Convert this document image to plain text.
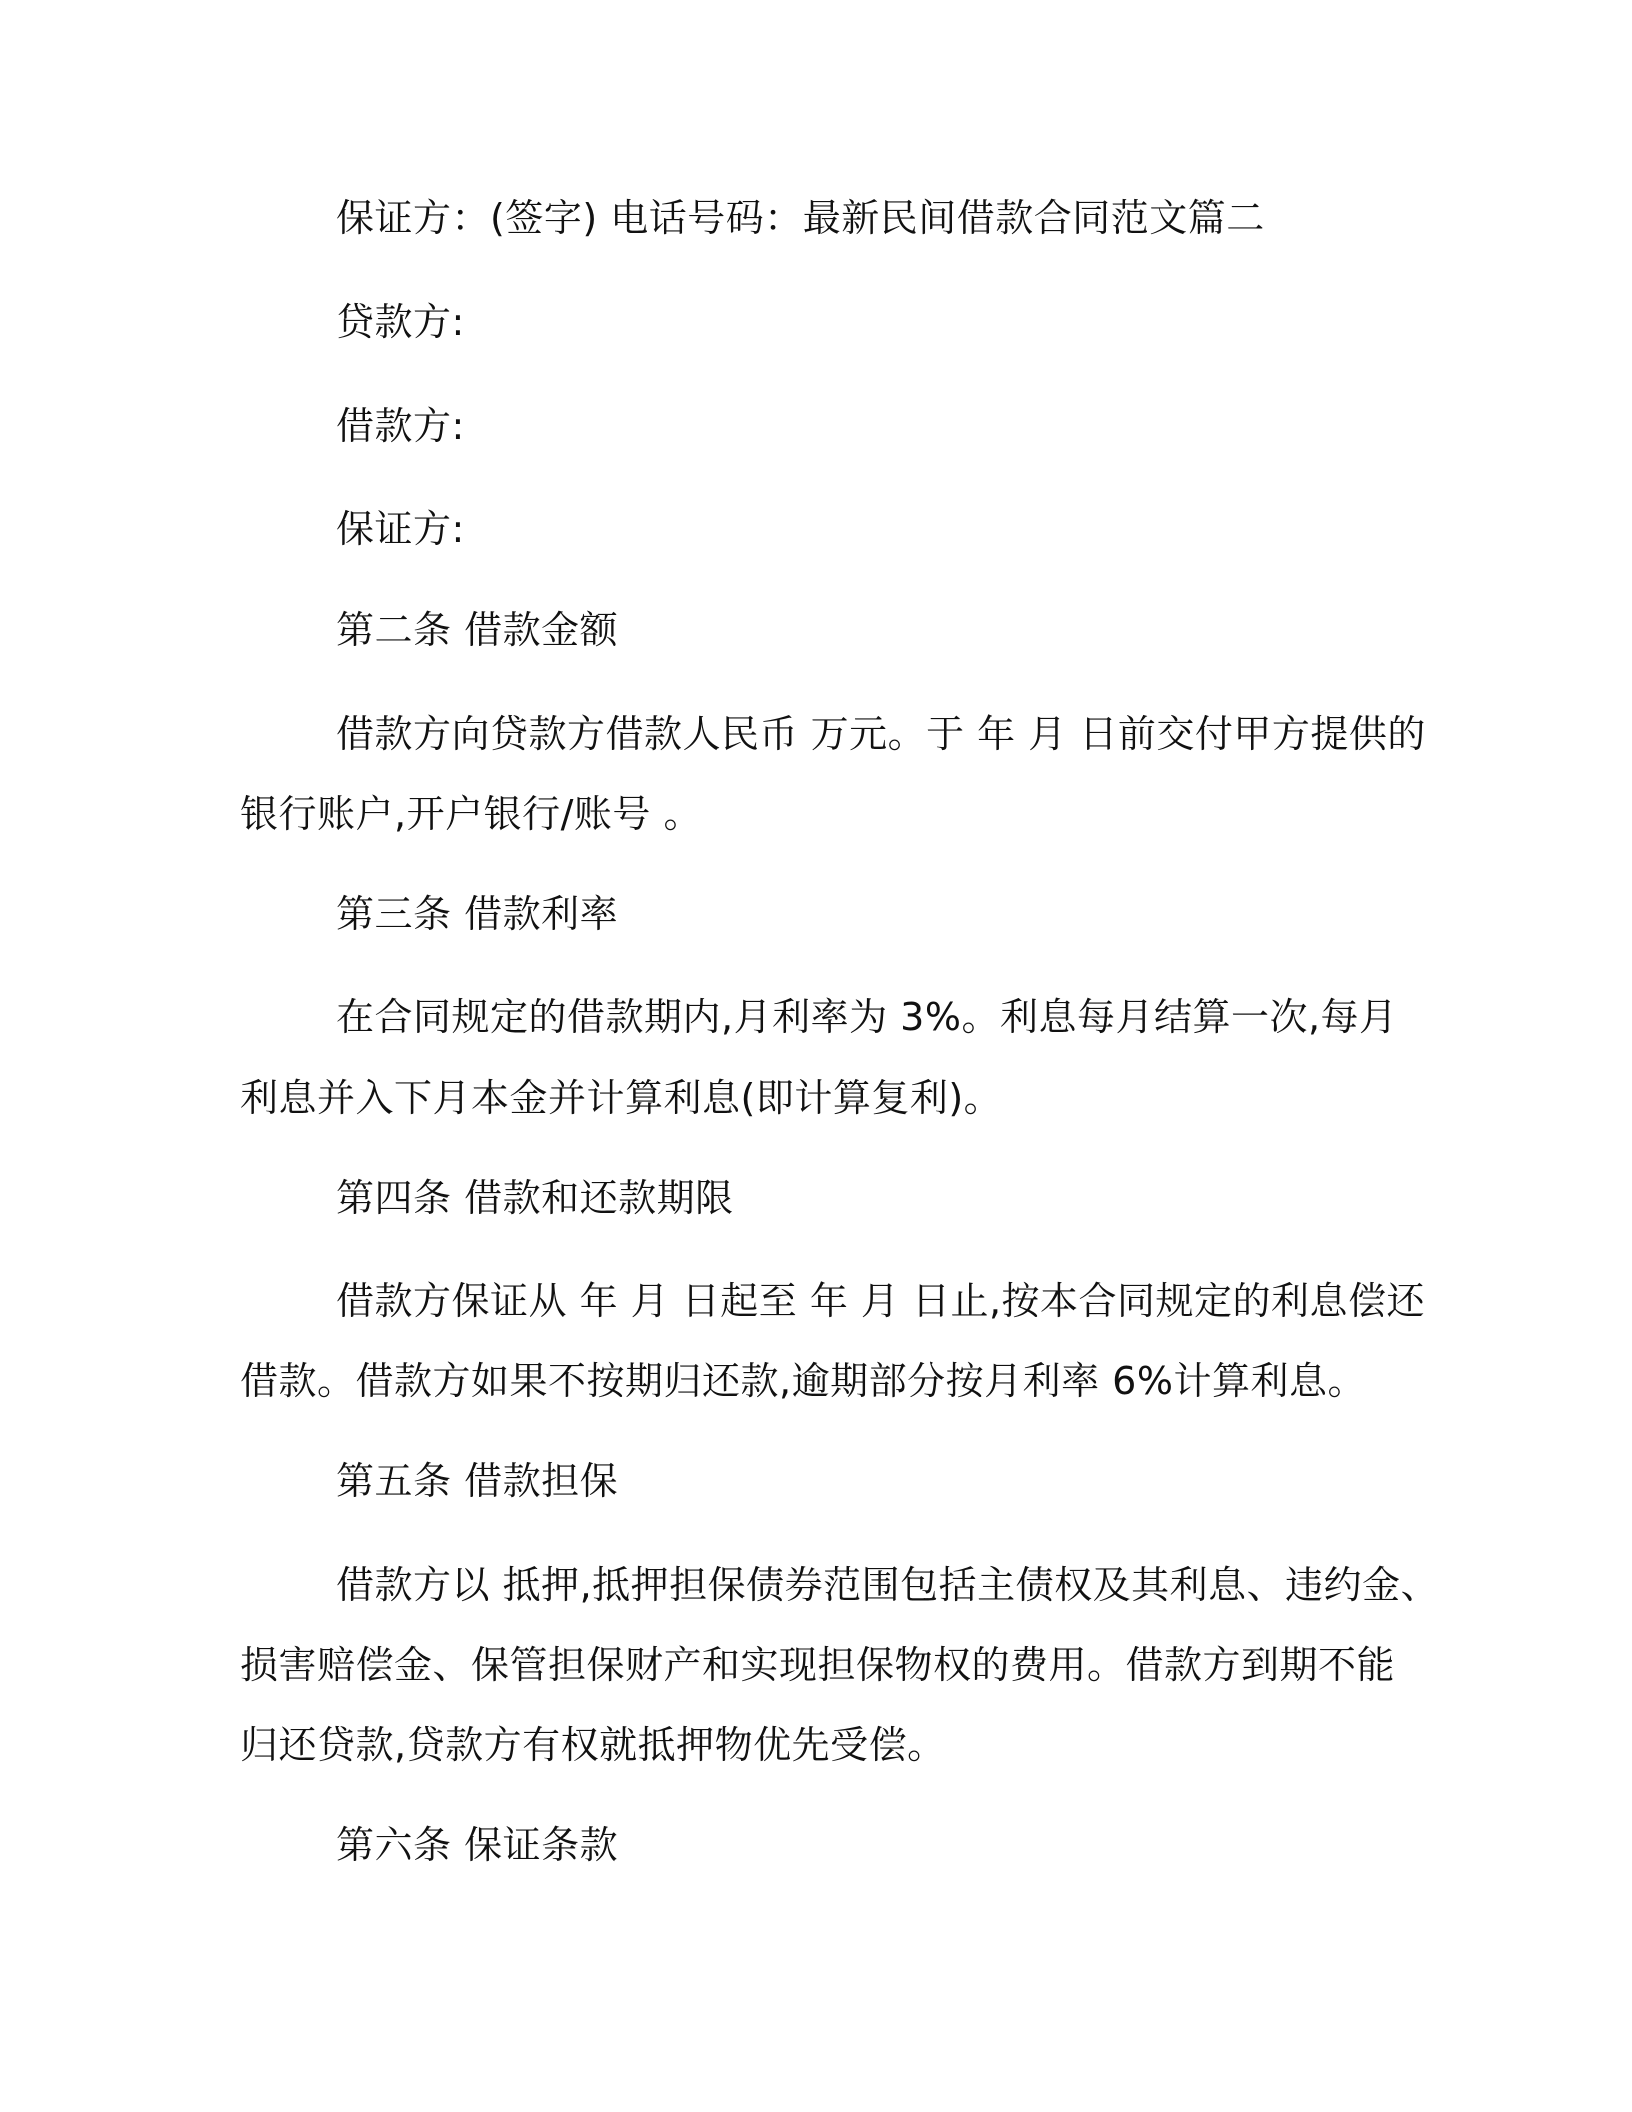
保证方：(签字) 电话号码：最新民间借款合同范文篇二
贷款方:
借款方:
保证方:
第二条 借款金额
借款方向贷款方借款人民币 万元。于 年 月 日前交付甲方提供的
银行账户,开户银行/账号 。
第三条 借款利率
在合同规定的借款期内,月利率为 3%。利息每月结算一次,每月
利息并入下月本金并计算利息(即计算复利)。
第四条 借款和还款期限
借款方保证从 年 月 日起至 年 月 日止,按本合同规定的利息偿还
借款。借款方如果不按期归还款,逾期部分按月利率 6%计算利息。
第五条 借款担保
借款方以 抵押,抵押担保债券范围包括主债权及其利息、违约金、
损害赔偿金、保管担保财产和实现担保物权的费用。借款方到期不能
归还贷款,贷款方有权就抵押物优先受偿。
第六条 保证条款
